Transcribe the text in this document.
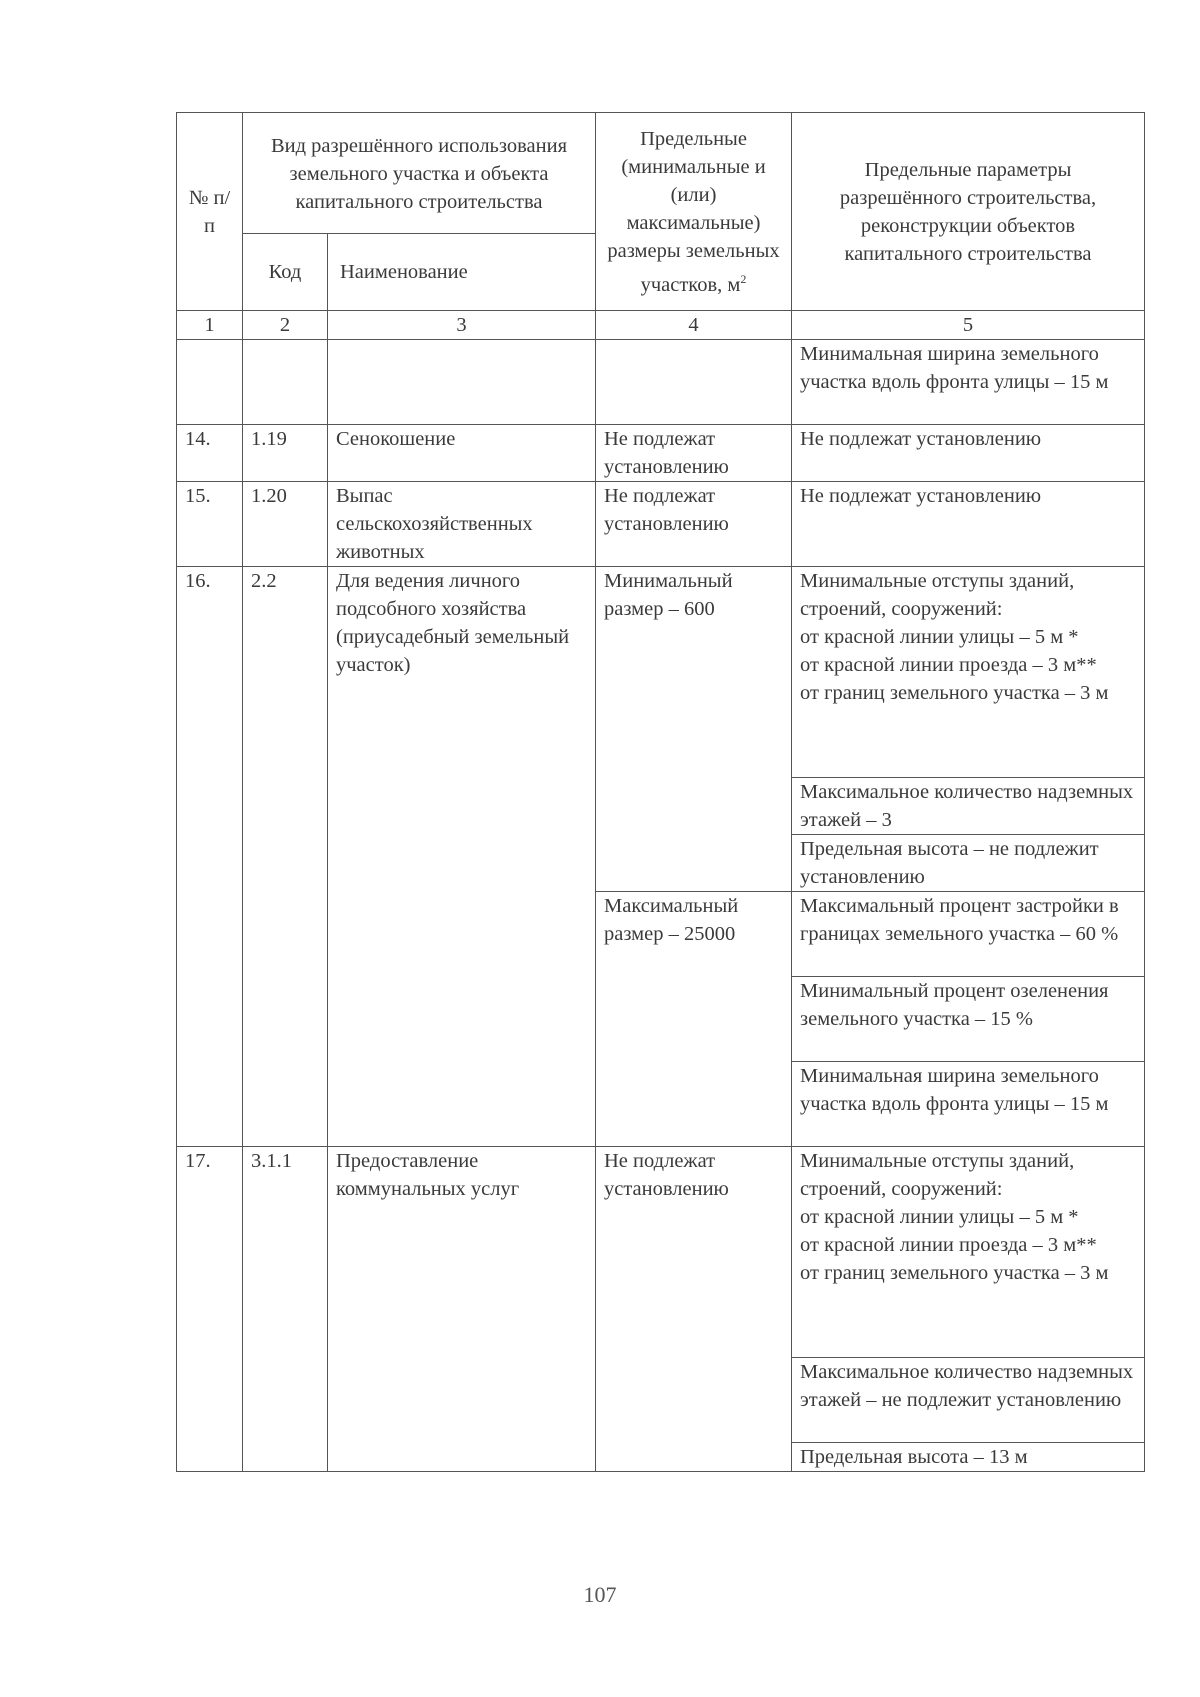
№ п/п	Вид разрешённого использования земельного участка и объекта капитального строительства		Предельные (минимальные и (или) максимальные) размеры земельных участков, $м^2$	Предельные параметры разрешённого строительства, реконструкции объектов капитального строительства
	Код	Наименование		
1	2	3	4	5
				Минимальная ширина земельного участка вдоль фронта улицы – 15 м
14.	1.19	Сенокошение	Не подлежат установлению	Не подлежат установлению
15.	1.20	Выпас сельскохозяйственных животных	Не подлежат установлению	Не подлежат установлению
16.	2.2	Для ведения личного подсобного хозяйства (приусадебный земельный участок)	Минимальный размер – 600	Минимальные отступы зданий, строений, сооружений:
от красной линии улицы – 5 м *
от красной линии проезда – 3 м**
от границ земельного участка – 3 м

				Максимальное количество надземных этажей – 3
				Предельная высота – не подлежит установлению
			Максимальный размер – 25000	Максимальный процент застройки в границах земельного участка – 60 %
				Минимальный процент озеленения земельного участка – 15 %
				Минимальная ширина земельного участка вдоль фронта улицы – 15 м
17.	3.1.1	Предоставление коммунальных услуг	Не подлежат установлению	Минимальные отступы зданий, строений, сооружений:
от красной линии улицы – 5 м *
от красной линии проезда – 3 м**
от границ земельного участка – 3 м

				Максимальное количество надземных этажей – не подлежит установлению
				Предельная высота – 13 м
107
